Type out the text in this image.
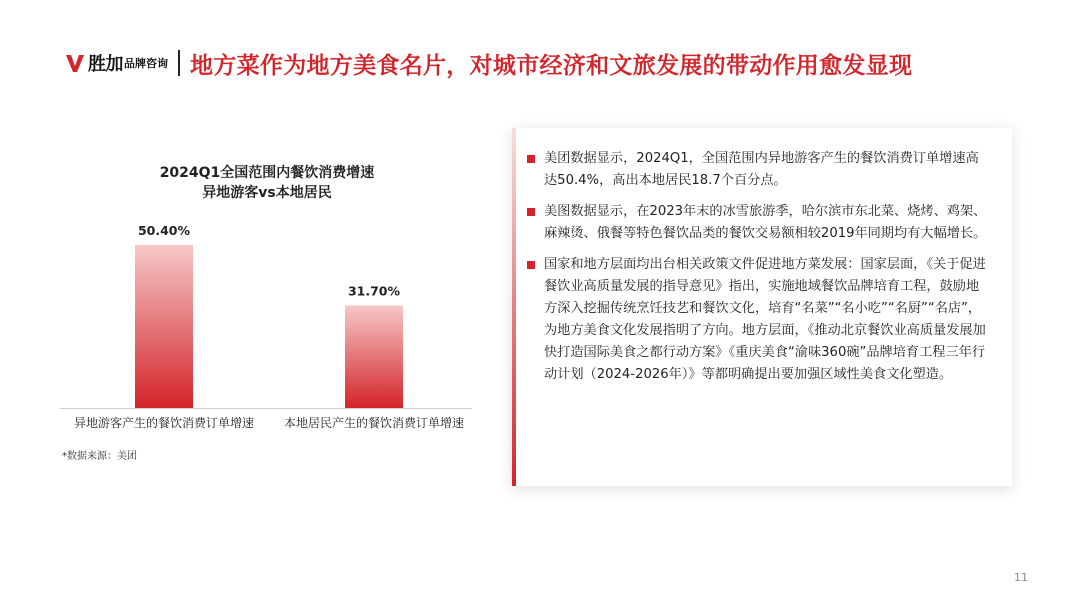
胜加 品牌咨询 地方菜作为地方美食名片，对城市经济和文旅发展的带动作用愈发显现
2024Q1全国范围内餐饮消费增速
异地游客vs本地居民
50.40%
异地游客产生的餐饮消费订单增速
31.70%
本地居民产生的餐饮消费订单增速
*数据来源：美团
美团数据显示，2024Q1，全国范围内异地游客产生的餐饮消费订单增速高达50.4%，高出本地居民18.7个百分点。
美图数据显示，在2023年末的冰雪旅游季，哈尔滨市东北菜、烧烤、鸡架、麻辣烫、俄餐等特色餐饮品类的餐饮交易额相较2019年同期均有大幅增长。
国家和地方层面均出台相关政策文件促进地方菜发展：国家层面，《关于促进餐饮业高质量发展的指导意见》指出，实施地域餐饮品牌培育工程，鼓励地方深入挖掘传统烹饪技艺和餐饮文化，培育“名菜”“名小吃”“名厨”“名店”，为地方美食文化发展指明了方向。地方层面，《推动北京餐饮业高质量发展加快打造国际美食之都行动方案》《重庆美食“渝味360碗”品牌培育工程三年行动计划（2024-2026年）》等都明确提出要加强区域性美食文化塑造。
11
